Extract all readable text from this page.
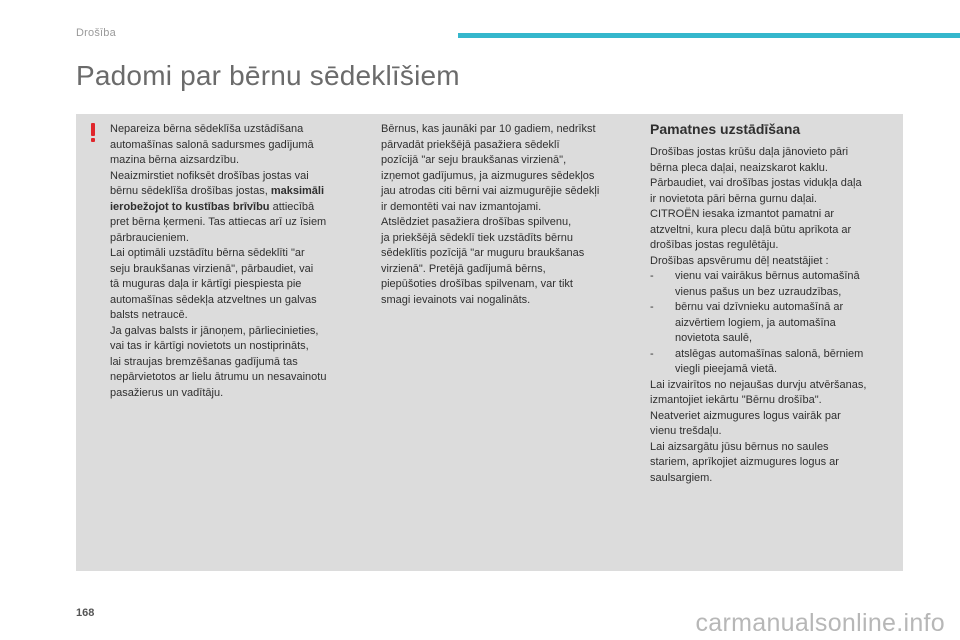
Drošība
Padomi par bērnu sēdeklīšiem

Nepareiza bērna sēdeklīša uzstādīšana

automašīnas salonā sadursmes gadījumā

mazina bērna aizsardzību.

Neaizmirstiet nofiksēt drošības jostas vai

bērnu sēdeklīša drošības jostas, maksimāli

ierobežojot to kustības brīvību attiecībā

pret bērna ķermeni. Tas attiecas arī uz īsiem

pārbraucieniem.

Lai optimāli uzstādītu bērna sēdeklīti "ar

seju braukšanas virzienā", pārbaudiet, vai

tā muguras daļa ir kārtīgi piespiesta pie

automašīnas sēdekļa atzveltnes un galvas

balsts netraucē.

Ja galvas balsts ir jānoņem, pārliecinieties,

vai tas ir kārtīgi novietots un nostiprināts,

lai straujas bremzēšanas gadījumā tas

nepārvietotos ar lielu ātrumu un nesavainotu

pasažierus un vadītāju.

Bērnus, kas jaunāki par 10 gadiem, nedrīkst

pārvadāt priekšējā pasažiera sēdeklī

pozīcijā "ar seju braukšanas virzienā",

izņemot gadījumus, ja aizmugures sēdekļos

jau atrodas citi bērni vai aizmugurējie sēdekļi

ir demontēti vai nav izmantojami.

Atslēdziet pasažiera drošības spilvenu,

ja priekšējā sēdeklī tiek uzstādīts bērnu

sēdeklītis pozīcijā "ar muguru braukšanas

virzienā". Pretējā gadījumā bērns,

piepūšoties drošības spilvenam, var tikt

smagi ievainots vai nogalināts.

Pamatnes uzstādīšana

Drošības jostas krūšu daļa jānovieto pāri

bērna pleca daļai, neaizskarot kaklu.

Pārbaudiet, vai drošības jostas vidukļa daļa

ir novietota pāri bērna gurnu daļai.

CITROËN iesaka izmantot pamatni ar

atzveltni, kura plecu daļā būtu aprīkota ar

drošības jostas regulētāju.

Drošības apsvērumu dēļ neatstājiet :

-	vienu vai vairākus bērnus automašīnā

vienus pašus un bez uzraudzības,

-	bērnu vai dzīvnieku automašīnā ar

aizvērtiem logiem, ja automašīna

novietota saulē,

-	atslēgas automašīnas salonā, bērniem

viegli pieejamā vietā.

Lai izvairītos no nejaušas durvju atvēršanas,

izmantojiet iekārtu "Bērnu drošība".

Neatveriet aizmugures logus vairāk par

vienu trešdaļu.

Lai aizsargātu jūsu bērnus no saules

stariem, aprīkojiet aizmugures logus ar

saulsargiem.

168	carmanualsonline.info
